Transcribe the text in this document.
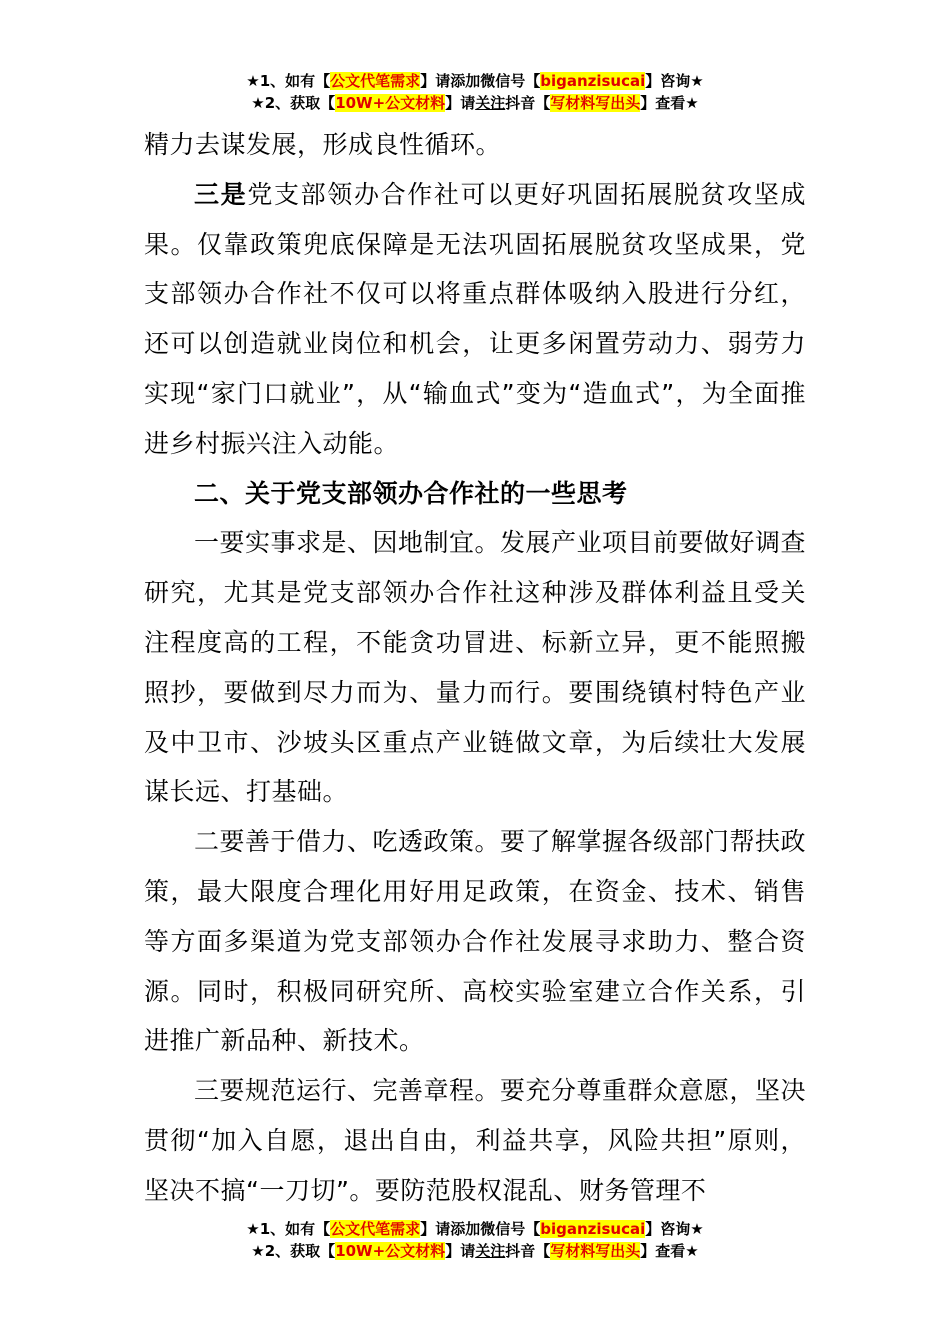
★1、如有【公文代笔需求】请添加微信号【biganzisucai】咨询★
★2、获取【10W+公文材料】请关注抖音【写材料写出头】查看★

精力去谋发展，形成良性循环。

三是党支部领办合作社可以更好巩固拓展脱贫攻坚成果。仅靠政策兜底保障是无法巩固拓展脱贫攻坚成果，党支部领办合作社不仅可以将重点群体吸纳入股进行分红，还可以创造就业岗位和机会，让更多闲置劳动力、弱劳力实现“家门口就业”，从“输血式”变为“造血式”，为全面推进乡村振兴注入动能。

二、关于党支部领办合作社的一些思考

一要实事求是、因地制宜。发展产业项目前要做好调查研究，尤其是党支部领办合作社这种涉及群体利益且受关注程度高的工程，不能贪功冒进、标新立异，更不能照搬照抄，要做到尽力而为、量力而行。要围绕镇村特色产业及中卫市、沙坡头区重点产业链做文章，为后续壮大发展谋长远、打基础。

二要善于借力、吃透政策。要了解掌握各级部门帮扶政策，最大限度合理化用好用足政策，在资金、技术、销售等方面多渠道为党支部领办合作社发展寻求助力、整合资源。同时，积极同研究所、高校实验室建立合作关系，引进推广新品种、新技术。

三要规范运行、完善章程。要充分尊重群众意愿，坚决贯彻“加入自愿，退出自由，利益共享，风险共担”原则，坚决不搞“一刀切”。要防范股权混乱、财务管理不

★1、如有【公文代笔需求】请添加微信号【biganzisucai】咨询★
★2、获取【10W+公文材料】请关注抖音【写材料写出头】查看★
